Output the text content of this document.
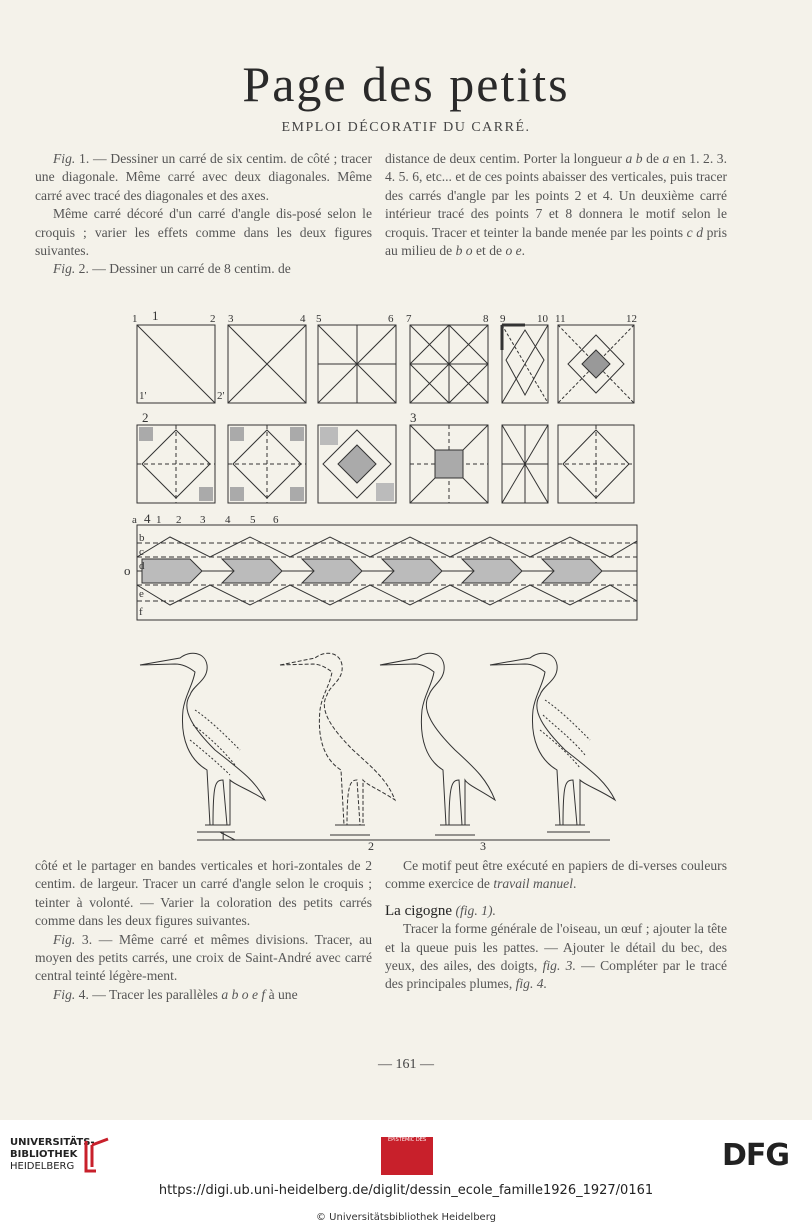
Page des petits
EMPLOI DÉCORATIF DU CARRÉ.

Fig. 1. — Dessiner un carré de six centim. de côté ; tracer une diagonale. Même carré avec deux diagonales. Même carré avec tracé des diagonales et des axes.

Même carré décoré d'un carré d'angle dis-posé selon le croquis ; varier les effets comme dans les deux figures suivantes.

Fig. 2. — Dessiner un carré de 8 centim. de

distance de deux centim. Porter la longueur a b de a en 1. 2. 3. 4. 5. 6, etc... et de ces points abaisser des verticales, puis tracer des carrés d'angle par les points 2 et 4. Un deuxième carré intérieur tracé des points 7 et 8 donnera le motif selon le croquis. Tracer et teinter la bande menée par les points c d pris au milieu de b o et de o e.

1	2 3	4 5	6 7	8 9	10 11	12
1'	2'
1
2	3
a 4 1 2 3 4 5 6
b
c
d
o
e
f
1
2	3

côté et le partager en bandes verticales et hori-zontales de 2 centim. de largeur. Tracer un carré d'angle selon le croquis ; teinter à volonté. — Varier la coloration des petits carrés comme dans les deux figures suivantes.

Fig. 3. — Même carré et mêmes divisions. Tracer, au moyen des petits carrés, une croix de Saint-André avec carré central teinté légère-ment.

Fig. 4. — Tracer les parallèles a b o e f à une

Ce motif peut être exécuté en papiers de di-verses couleurs comme exercice de travail manuel.

La cigogne (fig. 1).

Tracer la forme générale de l'oiseau, un œuf ; ajouter la tête et la queue puis les pattes. — Ajouter le détail du bec, des yeux, des ailes, des doigts, fig. 3. — Compléter par le tracé des principales plumes, fig. 4.

— 161 —
UNIVERSITÄTS-
BIBLIOTHEK
HEIDELBERG
EPISTEMIC DES	DFG
https://digi.ub.uni-heidelberg.de/diglit/dessin_ecole_famille1926_1927/0161
© Universitätsbibliothek Heidelberg
